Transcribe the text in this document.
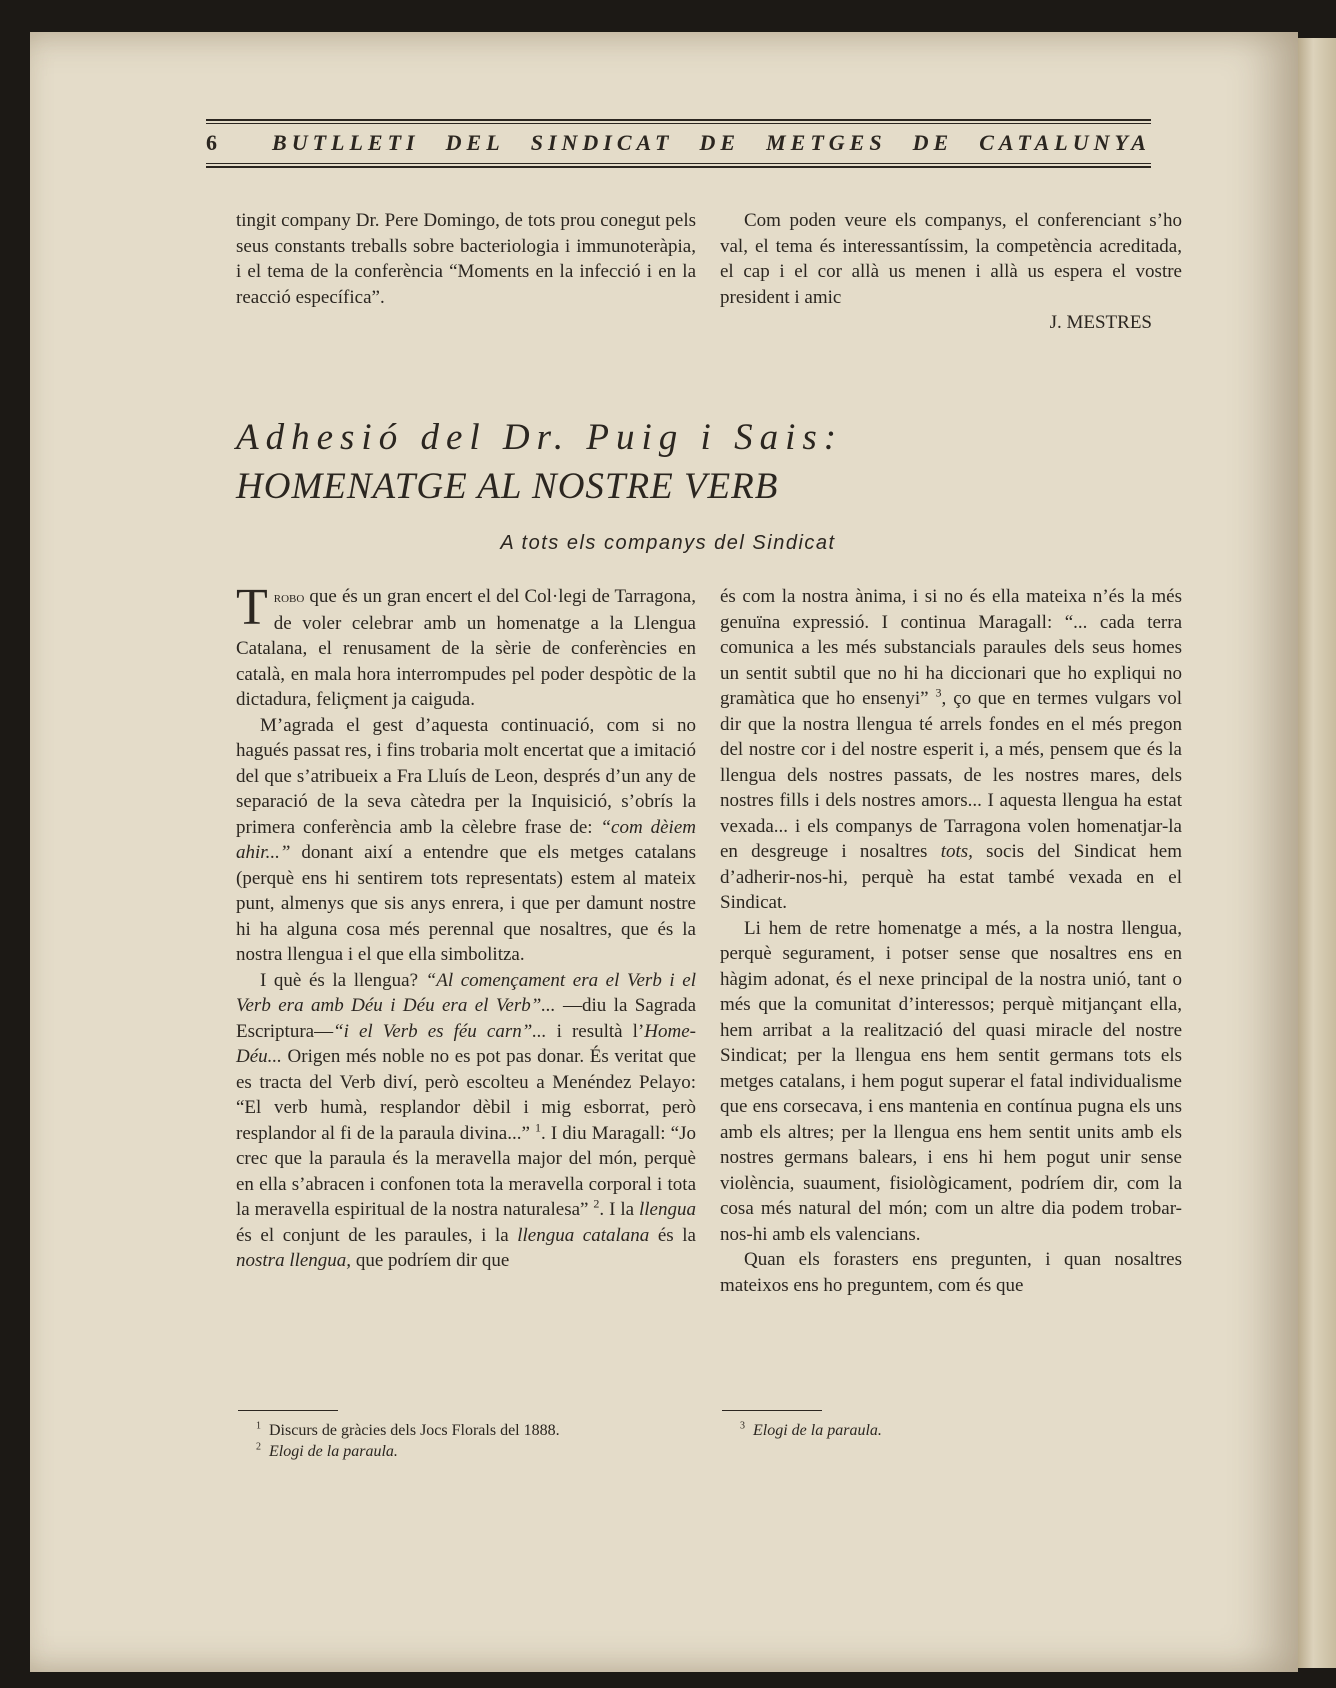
6	BUTLLETI DEL SINDICAT DE METGES DE CATALUNYA

tingit company Dr. Pere Domingo, de tots prou conegut pels seus constants treballs sobre bacteriologia i immunoteràpia, i el tema de la conferència “Moments en la infecció i en la reacció específica”.

Com poden veure els companys, el conferenciant s’ho val, el tema és interessantíssim, la competència acreditada, el cap i el cor allà us menen i allà us espera el vostre president i amic

J. MESTRES

Adhesió del Dr. Puig i Sais:
HOMENATGE AL NOSTRE VERB
A tots els companys del Sindicat

Trobo que és un gran encert el del Col·legi de Tarragona, de voler celebrar amb un homenatge a la Llengua Catalana, el renusament de la sèrie de conferències en català, en mala hora interrompudes pel poder despòtic de la dictadura, feliçment ja caiguda.

M’agrada el gest d’aquesta continuació, com si no hagués passat res, i fins trobaria molt encertat que a imitació del que s’atribueix a Fra Lluís de Leon, després d’un any de separació de la seva càtedra per la Inquisició, s’obrís la primera conferència amb la cèlebre frase de: “com dèiem ahir...” donant així a entendre que els metges catalans (perquè ens hi sentirem tots representats) estem al mateix punt, almenys que sis anys enrera, i que per damunt nostre hi ha alguna cosa més perennal que nosaltres, que és la nostra llengua i el que ella simbolitza.

I què és la llengua? “Al començament era el Verb i el Verb era amb Déu i Déu era el Verb”... —diu la Sagrada Escriptura—“i el Verb es féu carn”... i resultà l’Home-Déu... Origen més noble no es pot pas donar. És veritat que es tracta del Verb diví, però escolteu a Menéndez Pelayo: “El verb humà, resplandor dèbil i mig esborrat, però resplandor al fi de la paraula divina...” $^1$. I diu Maragall: “Jo crec que la paraula és la meravella major del món, perquè en ella s’abracen i confonen tota la meravella corporal i tota la meravella espiritual de la nostra naturalesa” $^2$. I la llengua és el conjunt de les paraules, i la llengua catalana és la nostra llengua, que podríem dir que

és com la nostra ànima, i si no és ella mateixa n’és la més genuïna expressió. I continua Maragall: “... cada terra comunica a les més substancials paraules dels seus homes un sentit subtil que no hi ha diccionari que ho expliqui no gramàtica que ho ensenyi” $^3$, ço que en termes vulgars vol dir que la nostra llengua té arrels fondes en el més pregon del nostre cor i del nostre esperit i, a més, pensem que és la llengua dels nostres passats, de les nostres mares, dels nostres fills i dels nostres amors... I aquesta llengua ha estat vexada... i els companys de Tarragona volen homenatjar-la en desgreuge i nosaltres tots, socis del Sindicat hem d’adherir-nos-hi, perquè ha estat també vexada en el Sindicat.

Li hem de retre homenatge a més, a la nostra llengua, perquè segurament, i potser sense que nosaltres ens en hàgim adonat, és el nexe principal de la nostra unió, tant o més que la comunitat d’interessos; perquè mitjançant ella, hem arribat a la realització del quasi miracle del nostre Sindicat; per la llengua ens hem sentit germans tots els metges catalans, i hem pogut superar el fatal individualisme que ens corsecava, i ens mantenia en contínua pugna els uns amb els altres; per la llengua ens hem sentit units amb els nostres germans balears, i ens hi hem pogut unir sense violència, suaument, fisiològicament, podríem dir, com la cosa més natural del món; com un altre dia podem trobar-nos-hi amb els valencians.

Quan els forasters ens pregunten, i quan nosaltres mateixos ens ho preguntem, com és que

$^1$ Discurs de gràcies dels Jocs Florals del 1888.
$^2$ Elogi de la paraula.
$^3$ Elogi de la paraula.
